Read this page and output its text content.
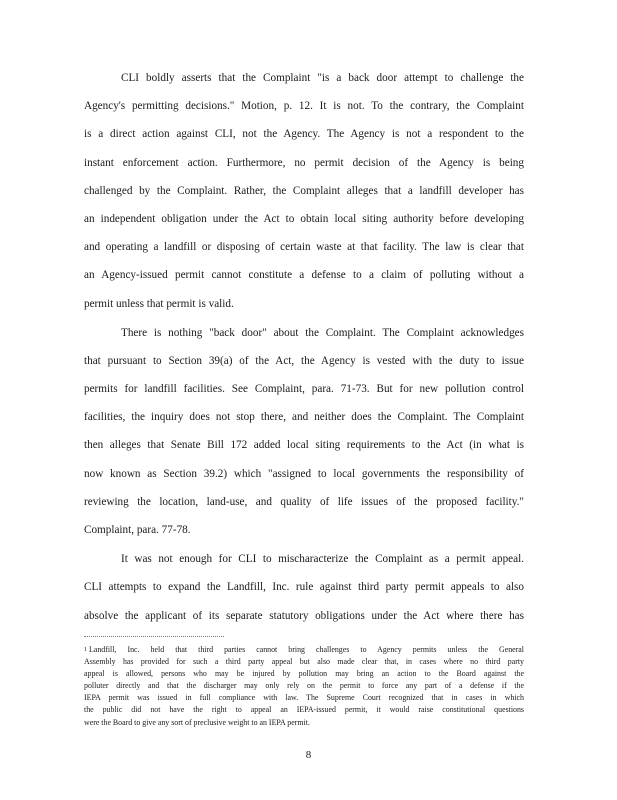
CLI boldly asserts that the Complaint "is a back door attempt to challenge the
Agency's permitting decisions." Motion, p. 12. It is not. To the contrary, the Complaint
is a direct action against CLI, not the Agency. The Agency is not a respondent to the
instant enforcement action. Furthermore, no permit decision of the Agency is being
challenged by the Complaint. Rather, the Complaint alleges that a landfill developer has
an independent obligation under the Act to obtain local siting authority before developing
and operating a landfill or disposing of certain waste at that facility. The law is clear that
an Agency-issued permit cannot constitute a defense to a claim of polluting without a
permit unless that permit is valid.
There is nothing "back door" about the Complaint. The Complaint acknowledges
that pursuant to Section 39(a) of the Act, the Agency is vested with the duty to issue
permits for landfill facilities. See Complaint, para. 71-73. But for new pollution control
facilities, the inquiry does not stop there, and neither does the Complaint. The Complaint
then alleges that Senate Bill 172 added local siting requirements to the Act (in what is
now known as Section 39.2) which "assigned to local governments the responsibility of
reviewing the location, land-use, and quality of life issues of the proposed facility."
Complaint, para. 77-78.
It was not enough for CLI to mischaracterize the Complaint as a permit appeal.
CLI attempts to expand the Landfill, Inc. rule against third party permit appeals to also
absolve the applicant of its separate statutory obligations under the Act where there has
$^1$ Landfill, Inc. held that third parties cannot bring challenges to Agency permits unless the General
Assembly has provided for such a third party appeal but also made clear that, in cases where no third party
appeal is allowed, persons who may be injured by pollution may bring an action to the Board against the
polluter directly and that the discharger may only rely on the permit to force any part of a defense if the
IEPA permit was issued in full compliance with law. The Supreme Court recognized that in cases in which
the public did not have the right to appeal an IEPA-issued permit, it would raise constitutional questions
were the Board to give any sort of preclusive weight to an IEPA permit.
8
